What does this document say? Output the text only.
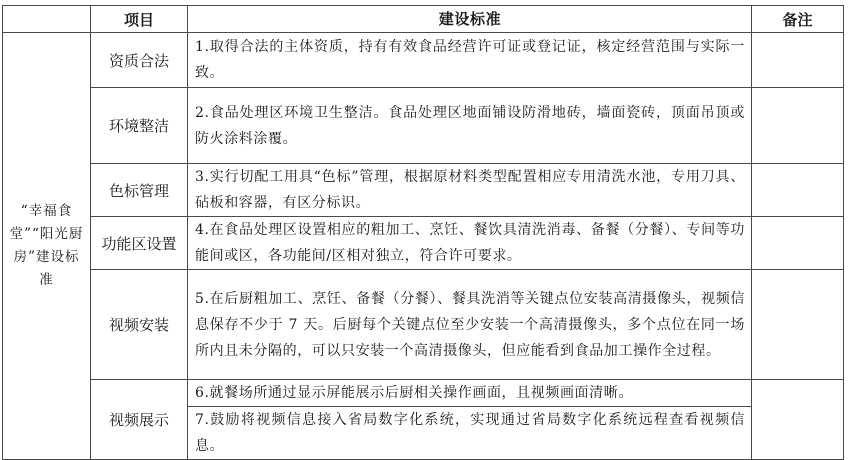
	项目	建设标准	备注
“幸福食堂”“阳光厨房”建设标准	资质合法	1.取得合法的主体资质，持有有效食品经营许可证或登记证，核定经营范围与实际一致。	
	环境整洁	2.食品处理区环境卫生整洁。食品处理区地面铺设防滑地砖，墙面瓷砖，顶面吊顶或防火涂料涂覆。	
	色标管理	3.实行切配工用具“色标”管理，根据原材料类型配置相应专用清洗水池，专用刀具、砧板和容器，有区分标识。	
	功能区设置	4.在食品处理区设置相应的粗加工、烹饪、餐饮具清洗消毒、备餐（分餐）、专间等功能间或区，各功能间/区相对独立，符合许可要求。	
	视频安装	5.在后厨粗加工、烹饪、备餐（分餐）、餐具洗消等关键点位安装高清摄像头，视频信息保存不少于 7 天。后厨每个关键点位至少安装一个高清摄像头，多个点位在同一场所内且未分隔的，可以只安装一个高清摄像头，但应能看到食品加工操作全过程。	
	视频展示	6.就餐场所通过显示屏能展示后厨相关操作画面，且视频画面清晰。	
		7.鼓励将视频信息接入省局数字化系统，实现通过省局数字化系统远程查看视频信息。	
